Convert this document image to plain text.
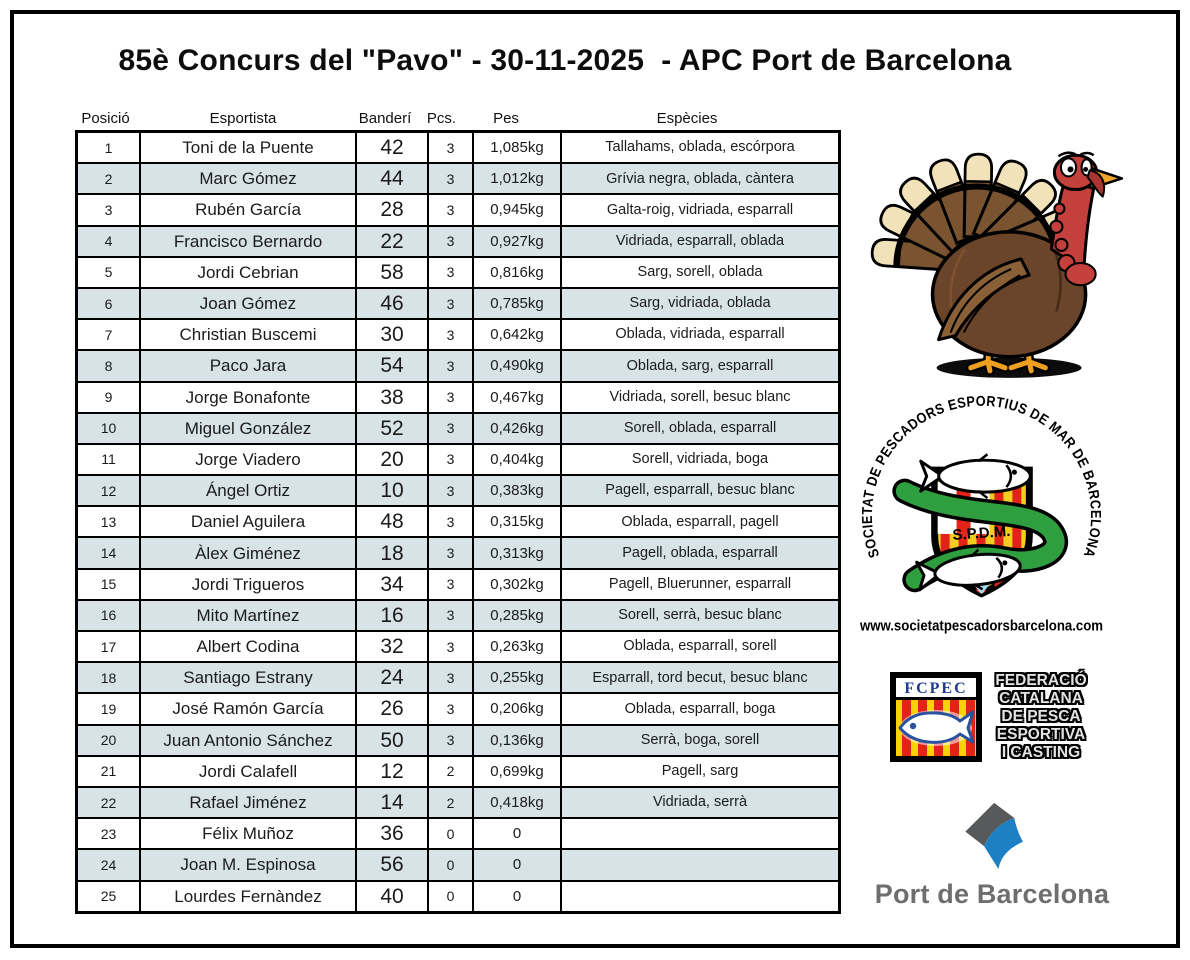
85è Concurs del "Pavo" - 30-11-2025  - APC Port de Barcelona
Posició	Esportista	Banderí	Pcs.	Pes	Espècies
1	Toni de la Puente	42	3	1,085kg	Tallahams, oblada, escórpora
2	Marc Gómez	44	3	1,012kg	Grívia negra, oblada, càntera
3	Rubén García	28	3	0,945kg	Galta-roig, vidriada, esparrall
4	Francisco Bernardo	22	3	0,927kg	Vidriada, esparrall, oblada
5	Jordi Cebrian	58	3	0,816kg	Sarg, sorell, oblada
6	Joan Gómez	46	3	0,785kg	Sarg, vidriada, oblada
7	Christian Buscemi	30	3	0,642kg	Oblada, vidriada, esparrall
8	Paco Jara	54	3	0,490kg	Oblada, sarg, esparrall
9	Jorge Bonafonte	38	3	0,467kg	Vidriada, sorell, besuc blanc
10	Miguel González	52	3	0,426kg	Sorell, oblada, esparrall
11	Jorge Viadero	20	3	0,404kg	Sorell, vidriada, boga
12	Ángel Ortiz	10	3	0,383kg	Pagell, esparrall, besuc blanc
13	Daniel Aguilera	48	3	0,315kg	Oblada, esparrall, pagell
14	Àlex Giménez	18	3	0,313kg	Pagell, oblada, esparrall
15	Jordi Trigueros	34	3	0,302kg	Pagell, Bluerunner, esparrall
16	Mito Martínez	16	3	0,285kg	Sorell, serrà, besuc blanc
17	Albert Codina	32	3	0,263kg	Oblada, esparrall, sorell
18	Santiago Estrany	24	3	0,255kg	Esparrall, tord becut, besuc blanc
19	José Ramón García	26	3	0,206kg	Oblada, esparrall, boga
20	Juan Antonio Sánchez	50	3	0,136kg	Serrà, boga, sorell
21	Jordi Calafell	12	2	0,699kg	Pagell, sarg
22	Rafael Jiménez	14	2	0,418kg	Vidriada, serrà
23	Félix Muñoz	36	0	0	
24	Joan M. Espinosa	56	0	0	
25	Lourdes Fernàndez	40	0	0	
SOCIETAT DE PESCADORS ESPORTIUS DE MAR DE BARCELONA
S.P.D.M.
www.societatpescadorsbarcelona.com
FCPEC	FEDERACIÓ
CATALANA
DE PESCA
ESPORTIVA
I CASTING
Port de Barcelona
